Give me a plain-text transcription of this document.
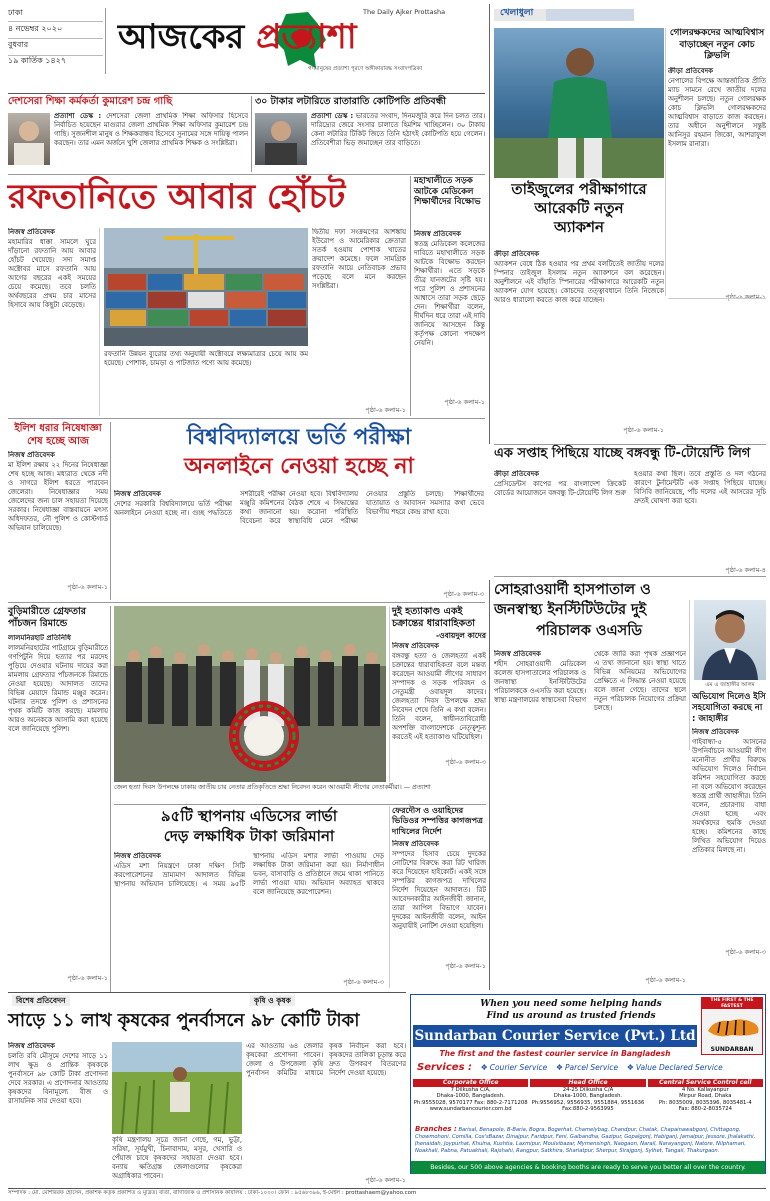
ঢাকা
৪ নভেম্বর ২০২০
বুধবার
১৯ কার্তিক ১৪২৭
The Daily Ajker Prottasha
আজকের প্রত্যাশা
গণমানুষের প্রত্যাশা পূরণে অঙ্গীকারাবদ্ধ সংবাদপত্রিকা
দেশসেরা শিক্ষা কর্মকর্তা কুমারেশ চন্দ্র গাছি
প্রত্যাশা ডেস্ক : দেশসেরা জেলা প্রাথমিক শিক্ষা অফিসার হিসেবে নির্বাচিত হয়েছেন মাগুরার জেলা প্রাথমিক শিক্ষা অফিসার কুমারেশ চন্দ্র গাছি। সুজনশীল মানুষ ও শিক্ষকবান্ধব হিসেবে সুনামের সঙ্গে দায়িত্ব পালন করছেন। তার এমন অর্জনে খুশি জেলার প্রাথমিক শিক্ষক ও সংশ্লিষ্টরা।
৩০ টাকার লটারিতে রাতারাতি কোটিপতি প্রতিবন্ধী
প্রত্যাশা ডেস্ক : ভারতের সংবাদ, দিনমজুরি করে দিন চলত তার। দারিদ্র্যের জেরে সংসার চালাতে হিমশিম খাচ্ছিলেন। ৩০ টাকায় কেনা লটারির টিকিট জিতে তিনি হঠাৎই কোটিপতি হয়ে গেলেন। প্রতিবেশীরা ভিড় জমাচ্ছেন তার বাড়িতে।
রফতানিতে আবার হোঁচট	মহাখালীতে সড়ক আটকে মেডিকেল শিক্ষার্থীদের বিক্ষোভ
নিজস্ব প্রতিবেদক
মহামারির ধাক্কা সামলে ঘুরে দাঁড়ানো রফতানি আয় আবার হোঁচট খেয়েছে। সদ্য সমাপ্ত অক্টোবর মাসে রফতানি আয় আগের বছরের একই সময়ের চেয়ে কমেছে। তবে চলতি অর্থবছরের প্রথম চার মাসের হিসাবে আয় কিছুটা বেড়েছে।
দ্বিতীয় দফা সংক্রমণের আশঙ্কায় ইউরোপ ও আমেরিকার ক্রেতারা সতর্ক হওয়ায় পোশাক খাতের ক্রয়াদেশ কমেছে। ফলে সামগ্রিক রফতানি আয়ে নেতিবাচক প্রভাব পড়েছে বলে মনে করছেন সংশ্লিষ্টরা।
রফতানি উন্নয়ন ব্যুরোর তথ্য অনুযায়ী অক্টোবরে লক্ষ্যমাত্রার চেয়ে আয় কম হয়েছে। পোশাক, চামড়া ও পাটজাত পণ্যে আয় কমেছে।
পৃষ্ঠা-৬ কলাম-১
নিজস্ব প্রতিবেদক
স্বতন্ত্র মেডিকেল কলেজের দাবিতে মহাখালীতে সড়ক আটকে বিক্ষোভ করছেন শিক্ষার্থীরা। এতে সড়কে তীব্র যানজটের সৃষ্টি হয়। পরে পুলিশ ও প্রশাসনের আশ্বাসে তারা সড়ক ছেড়ে দেন। শিক্ষার্থীরা বলেন, দীর্ঘদিন ধরে তারা এই দাবি জানিয়ে আসছেন কিন্তু কর্তৃপক্ষ কোনো পদক্ষেপ নেয়নি।
পৃষ্ঠা-৬ কলাম-১
খেলাধুলা
গোলরক্ষকদের আত্মবিশ্বাস বাড়াচ্ছেন নতুন কোচ ক্লিভলি
ক্রীড়া প্রতিবেদক
নেপালের বিপক্ষে আন্তর্জাতিক প্রীতি ম্যাচ সামনে রেখে জাতীয় দলের অনুশীলন চলছে। নতুন গোলরক্ষক কোচ ক্লিভলি গোলরক্ষকদের আত্মবিশ্বাস বাড়াতে কাজ করছেন। তার অধীনে অনুশীলনে সন্তুষ্ট আনিসুর রহমান জিকো, আশরাফুল ইসলাম রানারা।
তাইজুলের পরীক্ষাগারে
আরেকটি নতুন
অ্যাকশন
ক্রীড়া প্রতিবেদক
অ্যাকশন বেধে ঠিক হওয়ার পর প্রথম বলটিতেই জাতীয় দলের স্পিনার তাইজুল ইসলাম নতুন অ্যাকশনে বল করেছেন। অনুশীলনে এই বাঁহাতি স্পিনারের পরীক্ষাগারে আরেকটি নতুন অ্যাকশন যোগ হয়েছে। কোচদের তত্ত্বাবধানে তিনি নিজেকে আরও ধারালো করতে কাজ করে যাচ্ছেন।
পৃষ্ঠা-৬ কলাম-১
এক সপ্তাহ পিছিয়ে যাচ্ছে বঙ্গবন্ধু টি-টোয়েন্টি লিগ
ক্রীড়া প্রতিবেদক
প্রেসিডেন্টস কাপের পর বাংলাদেশ ক্রিকেট বোর্ডের আয়োজনে বঙ্গবন্ধু টি-টোয়েন্টি লিগ শুরু হওয়ার কথা ছিল। তবে প্রস্তুতি ও দল গঠনের কারণে টুর্নামেন্টটি এক সপ্তাহ পিছিয়ে যাচ্ছে। বিসিবি জানিয়েছে, পাঁচ দলের এই আসরের সূচি দ্রুতই ঘোষণা করা হবে।
পৃষ্ঠা-৬ কলাম-৪
ইলিশ ধরার নিষেধাজ্ঞা শেষ হচ্ছে আজ
নিজস্ব প্রতিবেদক
মা ইলিশ রক্ষায় ২২ দিনের নিষেধাজ্ঞা শেষ হচ্ছে আজ। মধ্যরাত থেকে নদী ও সাগরে ইলিশ ধরতে পারবেন জেলেরা। নিষেধাজ্ঞার সময় জেলেদের জন্য চাল সহায়তা দিয়েছে সরকার। নিষেধাজ্ঞা বাস্তবায়নে মৎস্য অধিদফতর, নৌ পুলিশ ও কোস্টগার্ড অভিযান চালিয়েছে।
পৃষ্ঠা-৬ কলাম-১
বিশ্ববিদ্যালয়ে ভর্তি পরীক্ষা
অনলাইনে নেওয়া হচ্ছে না
নিজস্ব প্রতিবেদক
দেশের সরকারি বিশ্ববিদ্যালয়ে ভর্তি পরীক্ষা অনলাইনে নেওয়া হচ্ছে না। গুচ্ছ পদ্ধতিতে সশরীরেই পরীক্ষা নেওয়া হবে। বিশ্ববিদ্যালয় মঞ্জুরি কমিশনের বৈঠক শেষে এ সিদ্ধান্তের কথা জানানো হয়। করোনা পরিস্থিতি বিবেচনা করে স্বাস্থ্যবিধি মেনে পরীক্ষা নেওয়ার প্রস্তুতি চলছে। শিক্ষার্থীদের যাতায়াত ও আবাসন সমস্যার কথা ভেবে বিভাগীয় শহরে কেন্দ্র রাখা হবে।
পৃষ্ঠা-৬ কলাম-৩
বুড়িমারীতে গ্রেফতার পাঁচজন রিমান্ডে
লালমনিরহাট প্রতিনিধি
লালমনিরহাটের পাটগ্রামে বুড়িমারীতে গণপিটুনি দিয়ে হত্যার পর মরদেহ পুড়িয়ে দেওয়ার ঘটনায় দায়ের করা মামলায় গ্রেফতার পাঁচজনকে রিমান্ডে নেওয়া হয়েছে। আদালত তাদের বিভিন্ন মেয়াদে রিমান্ড মঞ্জুর করেন। ঘটনার তদন্তে পুলিশ ও প্রশাসনের পৃথক কমিটি কাজ করছে। মামলায় আরও অনেককে আসামি করা হয়েছে বলে জানিয়েছে পুলিশ।
পৃষ্ঠা-৬ কলাম-১
জেল হত্যা দিবস উপলক্ষে ঢাকায় জাতীয় চার নেতার প্রতিকৃতিতে শ্রদ্ধা নিবেদন করেন আওয়ামী লীগের নেতাকর্মীরা। — প্রত্যাশা
দুই হত্যাকাণ্ড একই চক্রান্তের ধারাবাহিকতা
-ওবায়দুল কাদের
নিজস্ব প্রতিবেদক
বঙ্গবন্ধু হত্যা ও জেলহত্যা একই চক্রান্তের ধারাবাহিকতা বলে মন্তব্য করেছেন আওয়ামী লীগের সাধারণ সম্পাদক ও সড়ক পরিবহন ও সেতুমন্ত্রী ওবায়দুল কাদের। জেলহত্যা দিবস উপলক্ষে শ্রদ্ধা নিবেদন শেষে তিনি এ কথা বলেন। তিনি বলেন, স্বাধীনতাবিরোধী অপশক্তি বাংলাদেশকে নেতৃত্বশূন্য করতেই এই হত্যাকাণ্ড ঘটিয়েছিল।
পৃষ্ঠা-৬ কলাম-৩
৯৫টি স্থাপনায় এডিসের লার্ভা
দেড় লক্ষাধিক টাকা জরিমানা
নিজস্ব প্রতিবেদক
এডিস মশা নিয়ন্ত্রণে ঢাকা দক্ষিণ সিটি করপোরেশনের ভ্রাম্যমাণ আদালত বিভিন্ন স্থাপনায় অভিযান চালিয়েছে। এ সময় ৯৫টি স্থাপনায় এডিস মশার লার্ভা পাওয়ায় দেড় লক্ষাধিক টাকা জরিমানা করা হয়। নির্মাণাধীন ভবন, বাসাবাড়ি ও প্রতিষ্ঠানে জমে থাকা পানিতে লার্ভা পাওয়া যায়। অভিযান অব্যাহত থাকবে বলে জানিয়েছে করপোরেশন।
পৃষ্ঠা-৬ কলাম-৩
ফেরদৌস ও ওয়াহিদের ভিডিওর সম্পত্তির কাগজপত্র দাখিলের নির্দেশ
নিজস্ব প্রতিবেদক
সম্পদের হিসাব চেয়ে দুদকের নোটিশের বিরুদ্ধে করা রিট খারিজ করে দিয়েছেন হাইকোর্ট। একই সঙ্গে সম্পত্তির কাগজপত্র দাখিলের নির্দেশ দিয়েছেন আদালত। রিট আবেদনকারীর আইনজীবী জানান, তারা আপিল বিভাগে যাবেন। দুদকের আইনজীবী বলেন, আইন অনুযায়ীই নোটিশ দেওয়া হয়েছিল।
পৃষ্ঠা-৬ কলাম-১
সোহরাওয়ার্দী হাসপাতাল ও
জনস্বাস্থ্য ইনস্টিটিউটের দুই
পরিচালক ওএসডি
নিজস্ব প্রতিবেদক
শহীদ সোহরাওয়ার্দী মেডিকেল কলেজ হাসপাতালের পরিচালক ও জনস্বাস্থ্য ইনস্টিটিউটের পরিচালককে ওএসডি করা হয়েছে। স্বাস্থ্য মন্ত্রণালয়ের স্বাস্থ্যসেবা বিভাগ থেকে জারি করা পৃথক প্রজ্ঞাপনে এ তথ্য জানানো হয়। স্বাস্থ্য খাতে বিভিন্ন অনিয়মের অভিযোগের প্রেক্ষিতে এ সিদ্ধান্ত নেওয়া হয়েছে বলে জানা গেছে। তাদের স্থলে নতুন পরিচালক নিয়োগের প্রক্রিয়া চলছে।
পৃষ্ঠা-৬ কলাম-১
এম এ জাহাঙ্গীর আলম
অভিযোগ দিলেও ইসি সহযোগিতা করছে না : জাহাঙ্গীর
নিজস্ব প্রতিবেদক
গাইবান্ধা-৫ আসনের উপনির্বাচনে আওয়ামী লীগ মনোনীত প্রার্থীর বিরুদ্ধে অভিযোগ দিলেও নির্বাচন কমিশন সহযোগিতা করছে না বলে অভিযোগ করেছেন স্বতন্ত্র প্রার্থী জাহাঙ্গীর। তিনি বলেন, প্রচারণায় বাধা দেওয়া হচ্ছে এবং সমর্থকদের হুমকি দেওয়া হচ্ছে। কমিশনের কাছে লিখিত অভিযোগ দিয়েও প্রতিকার মিলছে না।
পৃষ্ঠা-৬ কলাম-৩
বিশেষ প্রতিবেদন	কৃষি ও কৃষক
সাড়ে ১১ লাখ কৃষকের পুনর্বাসনে ৯৮ কোটি টাকা
নিজস্ব প্রতিবেদক
চলতি রবি মৌসুমে দেশের সাড়ে ১১ লাখ ক্ষুদ্র ও প্রান্তিক কৃষককে পুনর্বাসনে ৯৮ কোটি টাকা প্রণোদনা দেবে সরকার। এ প্রণোদনার আওতায় কৃষকদের বিনামূল্যে বীজ ও রাসায়নিক সার দেওয়া হবে।
কৃষি মন্ত্রণালয় সূত্রে জানা গেছে, গম, ভুট্টা, সরিষা, সূর্যমুখী, চিনাবাদাম, মসুর, খেসারি ও পেঁয়াজ চাষে কৃষকদের সহায়তা দেওয়া হবে। বন্যায় ক্ষতিগ্রস্ত জেলাগুলোর কৃষকেরা অগ্রাধিকার পাবেন।
এর আওতায় ৬৪ জেলার কৃষকেরা প্রণোদনা পাবেন। জেলা ও উপজেলা কৃষি পুনর্বাসন কমিটির মাধ্যমে কৃষক নির্বাচন করা হবে। কৃষকদের তালিকা চূড়ান্ত করে দ্রুত উপকরণ বিতরণের নির্দেশ দেওয়া হয়েছে।
পৃষ্ঠা-৬ কলাম-১
When you need some helping hands
Find us around as trusted friends
THE FIRST & THE FASTEST
SUNDARBAN
Sundarban Courier Service (Pvt.) Ltd
The first and the fastest courier service in Bangladesh
Services : ❖ Courier Service ❖ Parcel Service ❖ Value Declared Service
Corporate Office
7 Dilkusha C/A,
Dhaka-1000, Bangladesh.
Ph:9555028, 9570177 Fax: 880-2-7171208
www.sundarbancourier.com.bd
Head Office
24-25 Dilkusha C/A
Dhaka-1000, Bangladesh.
Ph:9556952, 9556935, 9551884, 9551636
Fax:880-2-9563995
Central Service Control cell
4 No. Kallayanpur
Mirpur Road, Dhaka
Ph: 8035009, 8035396, 8035481-4
Fax: 880-2-8035724
Branches : Barisal, Benapole, B-Baria, Bogra, Bogerhat, Chamelybag, Chandpur, Chatak, Chapainawabgonj, Chittagong, Chowmohoni, Comilla, Cox'sBazar, Dinajpur, Faridpur, Feni, Gaibandha, Gazipur, Gopalgonj, Habiganj, Jamalpur, Jessore, Jhalakathi, Jhenaidah, Joypurhat, Khulna, Kushtia, Laxmipur, Moulvibazar, Mymensingh, Naogaon, Narail, Narayangonj, Natore, Nilphamari, Noakhali, Pabna, Patuakhali, Rajshahi, Rangpur, Satkhira, Shariatpur, Sherpur, Sirajgonj, Sylhet, Tangail, Thakurgaon.
Besides, our 500 above agencies & booking booths are ready to serve you better all over the country.
সম্পাদক : মো. মোশাররফ হোসেন, প্রকাশক কর্তৃক প্রকাশিত ও মুদ্রিত। বার্তা, বাণিজ্যিক ও প্রশাসনিক কার্যালয় : ঢাকা-১০০০। ফোন : ৯৫৬৮৩৯৬, ই-মেইল : prottashaem@yahoo.com
